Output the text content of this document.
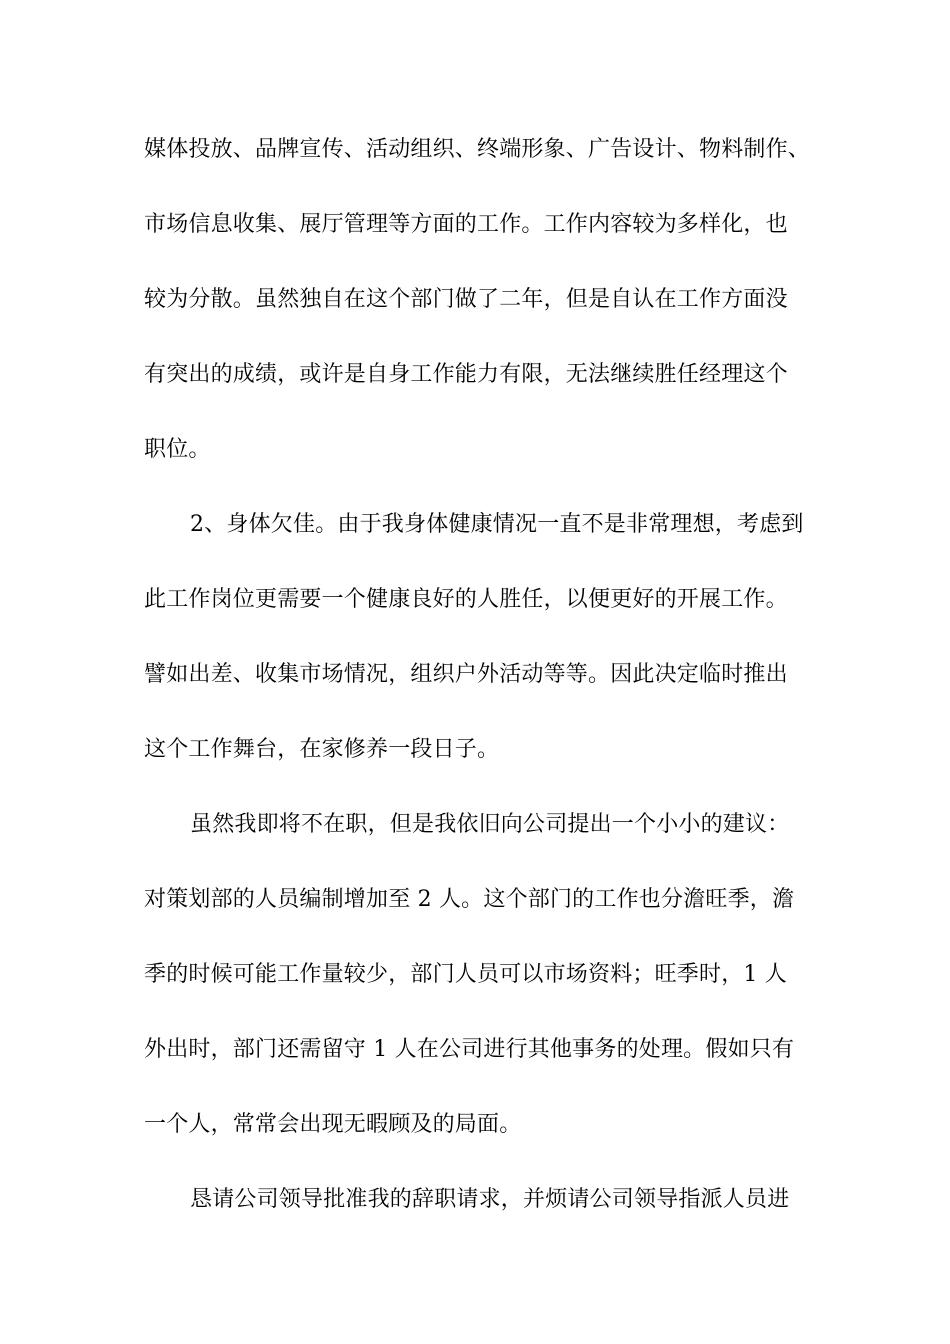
媒体投放、品牌宣传、活动组织、终端形象、广告设计、物料制作、
市场信息收集、展厅管理等方面的工作。工作内容较为多样化，也
较为分散。虽然独自在这个部门做了二年，但是自认在工作方面没
有突出的成绩，或许是自身工作能力有限，无法继续胜任经理这个
职位。
2、身体欠佳。由于我身体健康情况一直不是非常理想，考虑到
此工作岗位更需要一个健康良好的人胜任，以便更好的开展工作。
譬如出差、收集市场情况，组织户外活动等等。因此决定临时推出
这个工作舞台，在家修养一段日子。
虽然我即将不在职，但是我依旧向公司提出一个小小的建议：
对策划部的人员编制增加至 2 人。这个部门的工作也分澹旺季，澹
季的时候可能工作量较少，部门人员可以市场资料；旺季时，1 人
外出时，部门还需留守 1 人在公司进行其他事务的处理。假如只有
一个人，常常会出现无暇顾及的局面。
恳请公司领导批准我的辞职请求，并烦请公司领导指派人员进
